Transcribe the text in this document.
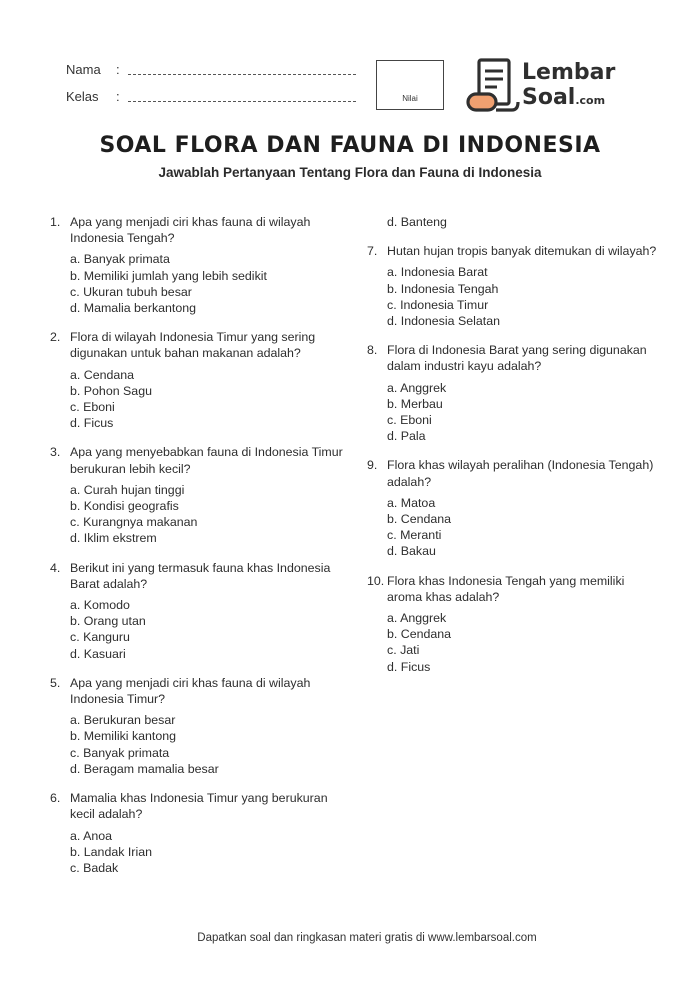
Nama :
Kelas :	Nilai
Lembar
Soal.com
SOAL FLORA DAN FAUNA DI INDONESIA
Jawablah Pertanyaan Tentang Flora dan Fauna di Indonesia
1. Apa yang menjadi ciri khas fauna di wilayah Indonesia Tengah?
a. Banyak primata
b. Memiliki jumlah yang lebih sedikit
c. Ukuran tubuh besar
d. Mamalia berkantong
2. Flora di wilayah Indonesia Timur yang sering digunakan untuk bahan makanan adalah?
a. Cendana
b. Pohon Sagu
c. Eboni
d. Ficus
3. Apa yang menyebabkan fauna di Indonesia Timur berukuran lebih kecil?
a. Curah hujan tinggi
b. Kondisi geografis
c. Kurangnya makanan
d. Iklim ekstrem
4. Berikut ini yang termasuk fauna khas Indonesia Barat adalah?
a. Komodo
b. Orang utan
c. Kanguru
d. Kasuari
5. Apa yang menjadi ciri khas fauna di wilayah Indonesia Timur?
a. Berukuran besar
b. Memiliki kantong
c. Banyak primata
d. Beragam mamalia besar
6. Mamalia khas Indonesia Timur yang berukuran kecil adalah?
a. Anoa
b. Landak Irian
c. Badak
d. Banteng
7. Hutan hujan tropis banyak ditemukan di wilayah?
a. Indonesia Barat
b. Indonesia Tengah
c. Indonesia Timur
d. Indonesia Selatan
8. Flora di Indonesia Barat yang sering digunakan dalam industri kayu adalah?
a. Anggrek
b. Merbau
c. Eboni
d. Pala
9. Flora khas wilayah peralihan (Indonesia Tengah) adalah?
a. Matoa
b. Cendana
c. Meranti
d. Bakau
10. Flora khas Indonesia Tengah yang memiliki aroma khas adalah?
a. Anggrek
b. Cendana
c. Jati
d. Ficus
Dapatkan soal dan ringkasan materi gratis di www.lembarsoal.com
